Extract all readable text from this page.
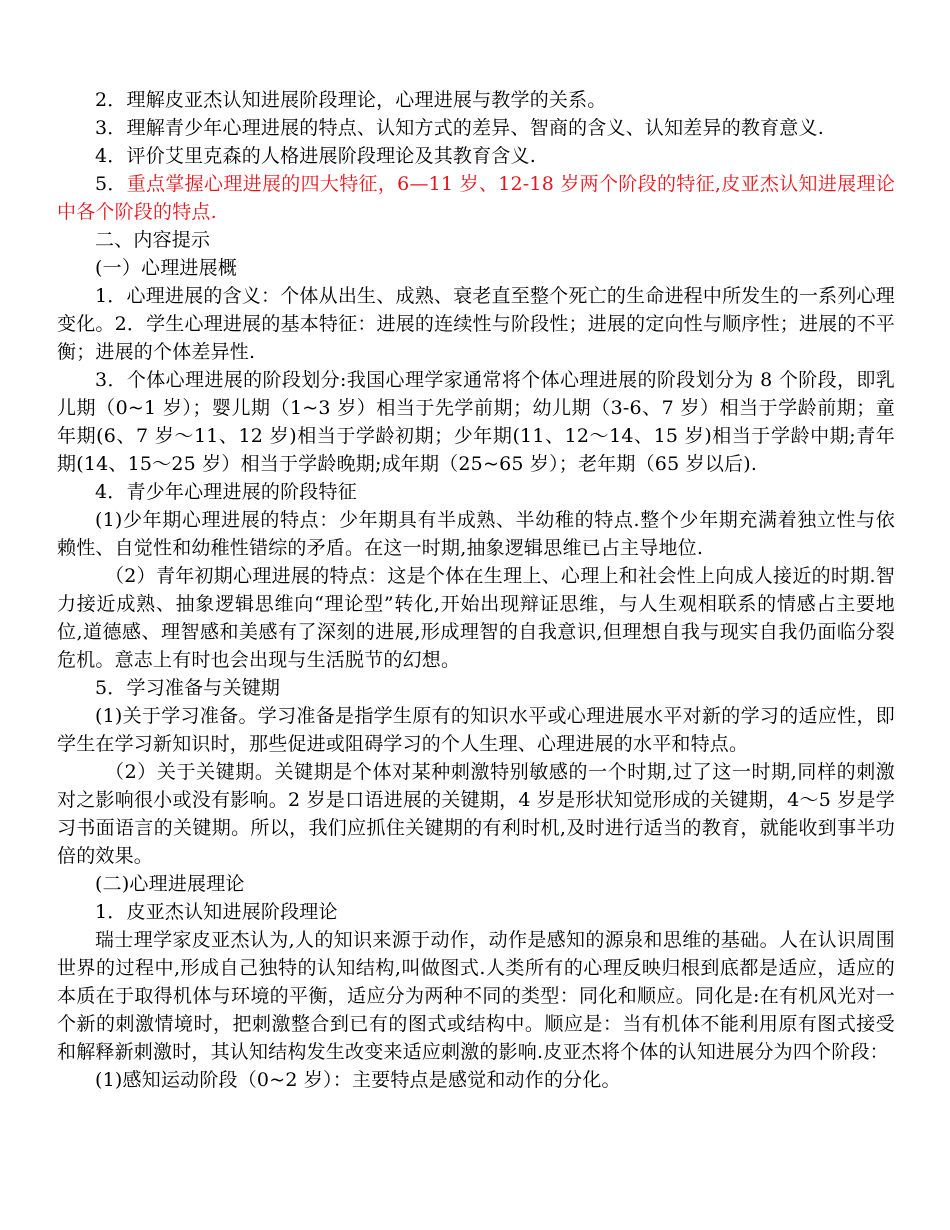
2．理解皮亚杰认知进展阶段理论，心理进展与教学的关系。

3．理解青少年心理进展的特点、认知方式的差异、智商的含义、认知差异的教育意义.

4．评价艾里克森的人格进展阶段理论及其教育含义.

5．重点掌握心理进展的四大特征，6—11 岁、12-18 岁两个阶段的特征,皮亚杰认知进展理论中各个阶段的特点.

二、内容提示

(一）心理进展概

1．心理进展的含义：个体从出生、成熟、衰老直至整个死亡的生命进程中所发生的一系列心理变化。2．学生心理进展的基本特征：进展的连续性与阶段性；进展的定向性与顺序性；进展的不平衡；进展的个体差异性.

3．个体心理进展的阶段划分:我国心理学家通常将个体心理进展的阶段划分为 8 个阶段，即乳儿期（0~1 岁）；婴儿期（1~3 岁）相当于先学前期；幼儿期（3-6、7 岁）相当于学龄前期；童年期(6、7 岁～11、12 岁)相当于学龄初期；少年期(11、12～14、15 岁)相当于学龄中期;青年期(14、15～25 岁）相当于学龄晚期;成年期（25~65 岁）；老年期（65 岁以后).

4．青少年心理进展的阶段特征

(1)少年期心理进展的特点：少年期具有半成熟、半幼稚的特点.整个少年期充满着独立性与依赖性、自觉性和幼稚性错综的矛盾。在这一时期,抽象逻辑思维已占主导地位.

（2）青年初期心理进展的特点：这是个体在生理上、心理上和社会性上向成人接近的时期.智力接近成熟、抽象逻辑思维向“理论型”转化,开始出现辩证思维，与人生观相联系的情感占主要地位,道德感、理智感和美感有了深刻的进展,形成理智的自我意识,但理想自我与现实自我仍面临分裂危机。意志上有时也会出现与生活脱节的幻想。

5．学习准备与关键期

(1)关于学习准备。学习准备是指学生原有的知识水平或心理进展水平对新的学习的适应性，即学生在学习新知识时，那些促进或阻碍学习的个人生理、心理进展的水平和特点。

（2）关于关键期。关键期是个体对某种刺激特别敏感的一个时期,过了这一时期,同样的刺激对之影响很小或没有影响。2 岁是口语进展的关键期，4 岁是形状知觉形成的关键期，4～5 岁是学习书面语言的关键期。所以，我们应抓住关键期的有利时机,及时进行适当的教育，就能收到事半功倍的效果。

(二)心理进展理论

1．皮亚杰认知进展阶段理论

瑞士理学家皮亚杰认为,人的知识来源于动作，动作是感知的源泉和思维的基础。人在认识周围世界的过程中,形成自己独特的认知结构,叫做图式.人类所有的心理反映归根到底都是适应，适应的本质在于取得机体与环境的平衡，适应分为两种不同的类型：同化和顺应。同化是:在有机风光对一个新的刺激情境时，把刺激整合到已有的图式或结构中。顺应是：当有机体不能利用原有图式接受和解释新刺激时，其认知结构发生改变来适应刺激的影响.皮亚杰将个体的认知进展分为四个阶段：

(1)感知运动阶段（0~2 岁）：主要特点是感觉和动作的分化。
